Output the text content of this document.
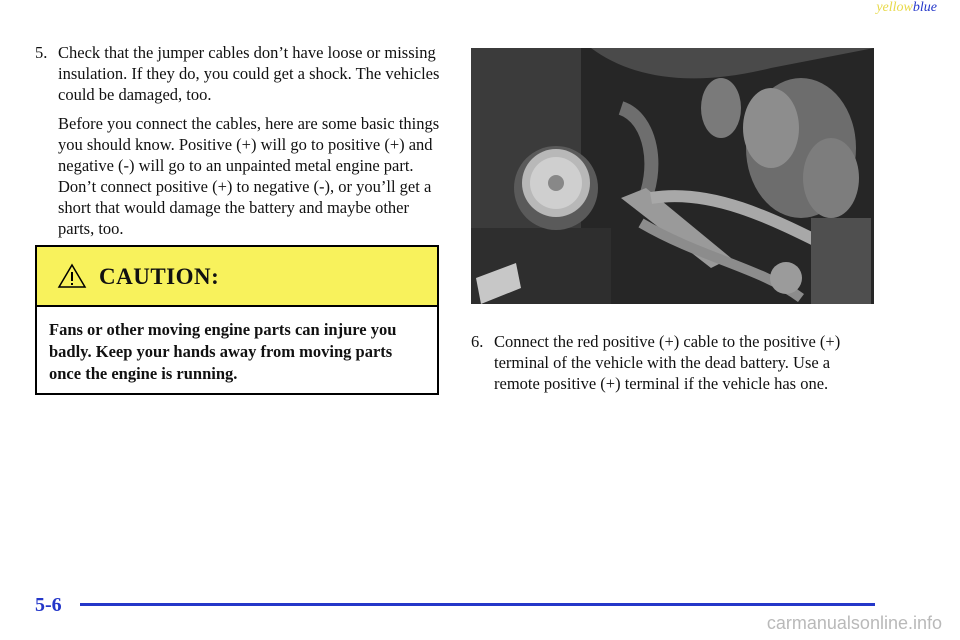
yellowblue

5. Check that the jumper cables don’t have loose or missing insulation. If they do, you could get a shock. The vehicles could be damaged, too.

Before you connect the cables, here are some basic things you should know. Positive (+) will go to positive (+) and negative (-) will go to an unpainted metal engine part. Don’t connect positive (+) to negative (-), or you’ll get a short that would damage the battery and maybe other parts, too.

CAUTION:
Fans or other moving engine parts can injure you badly. Keep your hands away from moving parts once the engine is running.

6. Connect the red positive (+) cable to the positive (+) terminal of the vehicle with the dead battery. Use a remote positive (+) terminal if the vehicle has one.

5-6
carmanualsonline.info
